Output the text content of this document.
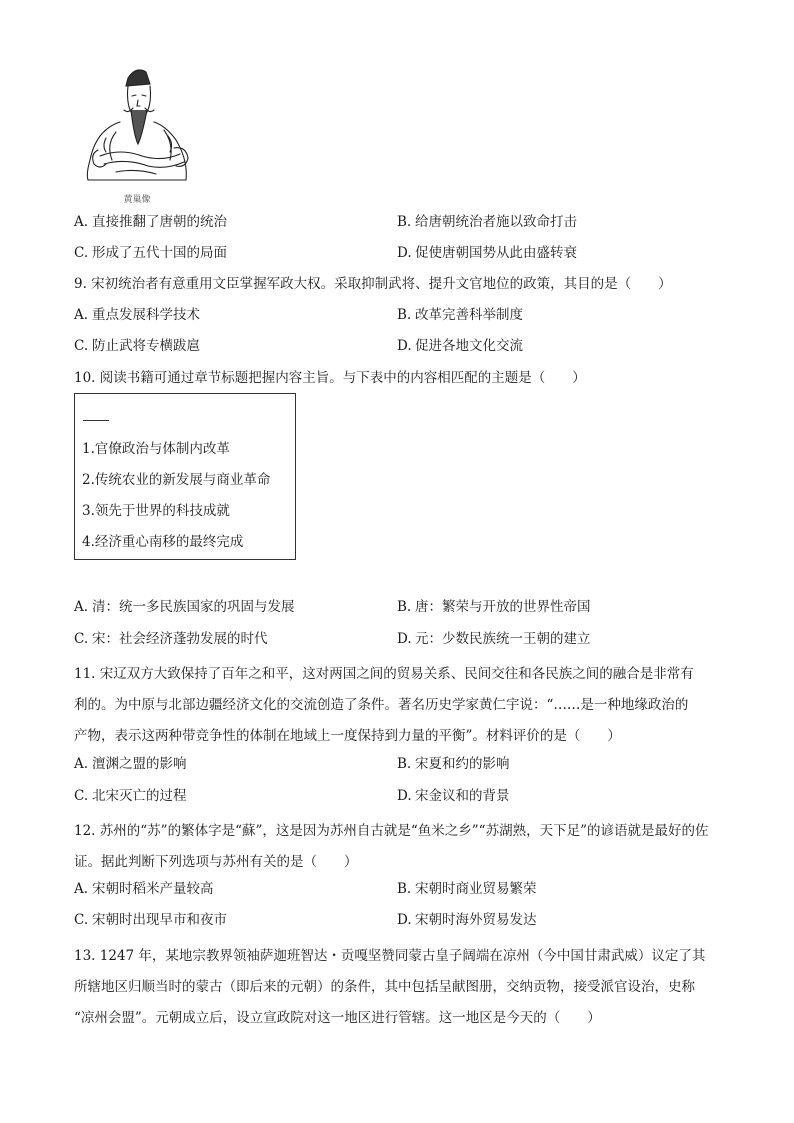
黄巢像
A. 直接推翻了唐朝的统治	B. 给唐朝统治者施以致命打击
C. 形成了五代十国的局面	D. 促使唐朝国势从此由盛转衰

9. 宋初统治者有意重用文臣掌握军政大权。采取抑制武将、提升文官地位的政策，其目的是（　　）

A. 重点发展科学技术	B. 改革完善科举制度
C. 防止武将专横跋扈	D. 促进各地文化交流

10. 阅读书籍可通过章节标题把握内容主旨。与下表中的内容相匹配的主题是（　　）

1.官僚政治与体制内改革
2.传统农业的新发展与商业革命
3.领先于世界的科技成就
4.经济重心南移的最终完成
A. 清：统一多民族国家的巩固与发展	B. 唐：繁荣与开放的世界性帝国
C. 宋：社会经济蓬勃发展的时代	D. 元：少数民族统一王朝的建立

11. 宋辽双方大致保持了百年之和平，这对两国之间的贸易关系、民间交往和各民族之间的融合是非常有

利的。为中原与北部边疆经济文化的交流创造了条件。著名历史学家黄仁宇说：“……是一种地缘政治的

产物，表示这两种带竞争性的体制在地域上一度保持到力量的平衡”。材料评价的是（　　）

A. 澶渊之盟的影响	B. 宋夏和约的影响
C. 北宋灭亡的过程	D. 宋金议和的背景

12. 苏州的“苏”的繁体字是“蘇”，这是因为苏州自古就是“鱼米之乡”“苏湖熟，天下足”的谚语就是最好的佐

证。据此判断下列选项与苏州有关的是（　　）

A. 宋朝时稻米产量较高	B. 宋朝时商业贸易繁荣
C. 宋朝时出现早市和夜市	D. 宋朝时海外贸易发达

13. 1247 年，某地宗教界领袖萨迦班智达・贡嘎坚赞同蒙古皇子阔端在凉州（今中国甘肃武威）议定了其

所辖地区归顺当时的蒙古（即后来的元朝）的条件，其中包括呈献图册，交纳贡物，接受派官设治，史称

“凉州会盟”。元朝成立后，设立宣政院对这一地区进行管辖。这一地区是今天的（　　）
